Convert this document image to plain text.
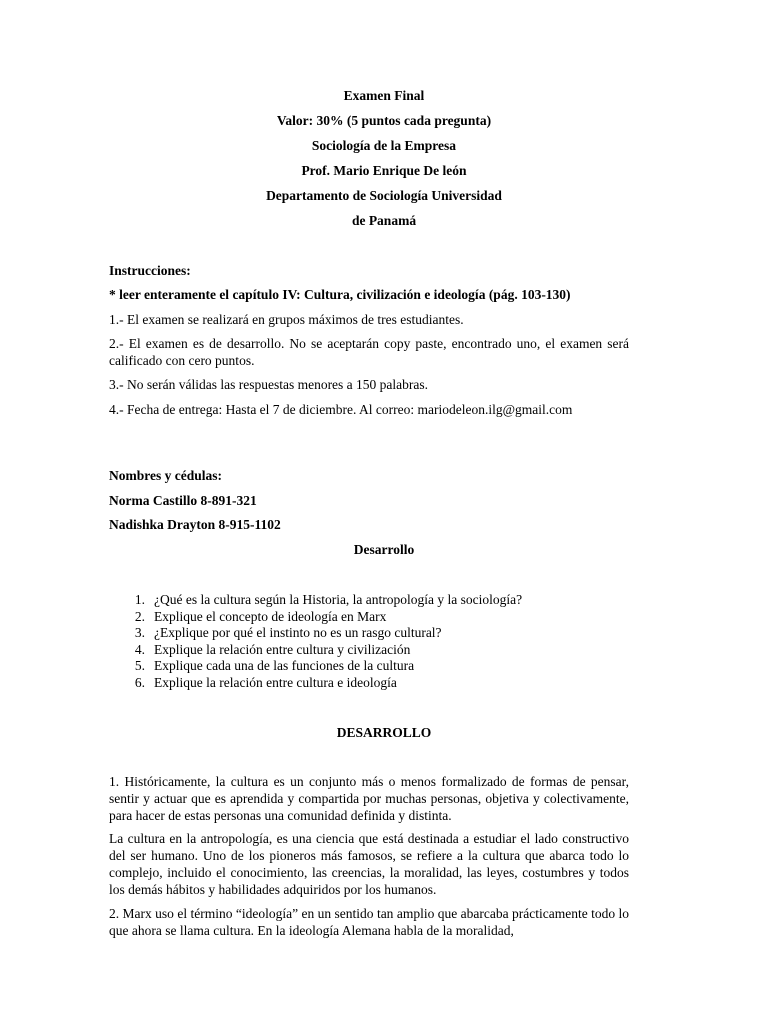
Examen Final
Valor: 30% (5 puntos cada pregunta)
Sociología de la Empresa
Prof. Mario Enrique De león
Departamento de Sociología Universidad
de Panamá
Instrucciones:
* leer enteramente el capítulo IV: Cultura, civilización e ideología (pág. 103-130)
1.- El examen se realizará en grupos máximos de tres estudiantes.
2.- El examen es de desarrollo. No se aceptarán copy paste, encontrado uno, el examen será calificado con cero puntos.
3.- No serán válidas las respuestas menores a 150 palabras.
4.- Fecha de entrega: Hasta el 7 de diciembre. Al correo: mariodeleon.ilg@gmail.com
Nombres y cédulas:
Norma Castillo 8-891-321
Nadishka Drayton 8-915-1102
Desarrollo
1. ¿Qué es la cultura según la Historia, la antropología y la sociología?
2. Explique el concepto de ideología en Marx
3. ¿Explique por qué el instinto no es un rasgo cultural?
4. Explique la relación entre cultura y civilización
5. Explique cada una de las funciones de la cultura
6. Explique la relación entre cultura e ideología
DESARROLLO
1. Históricamente, la cultura es un conjunto más o menos formalizado de formas de pensar, sentir y actuar que es aprendida y compartida por muchas personas, objetiva y colectivamente, para hacer de estas personas una comunidad definida y distinta.
La cultura en la antropología, es una ciencia que está destinada a estudiar el lado constructivo del ser humano. Uno de los pioneros más famosos, se refiere a la cultura que abarca todo lo complejo, incluido el conocimiento, las creencias, la moralidad, las leyes, costumbres y todos los demás hábitos y habilidades adquiridos por los humanos.
2. Marx uso el término “ideología” en un sentido tan amplio que abarcaba prácticamente todo lo que ahora se llama cultura. En la ideología Alemana habla de la moralidad,
